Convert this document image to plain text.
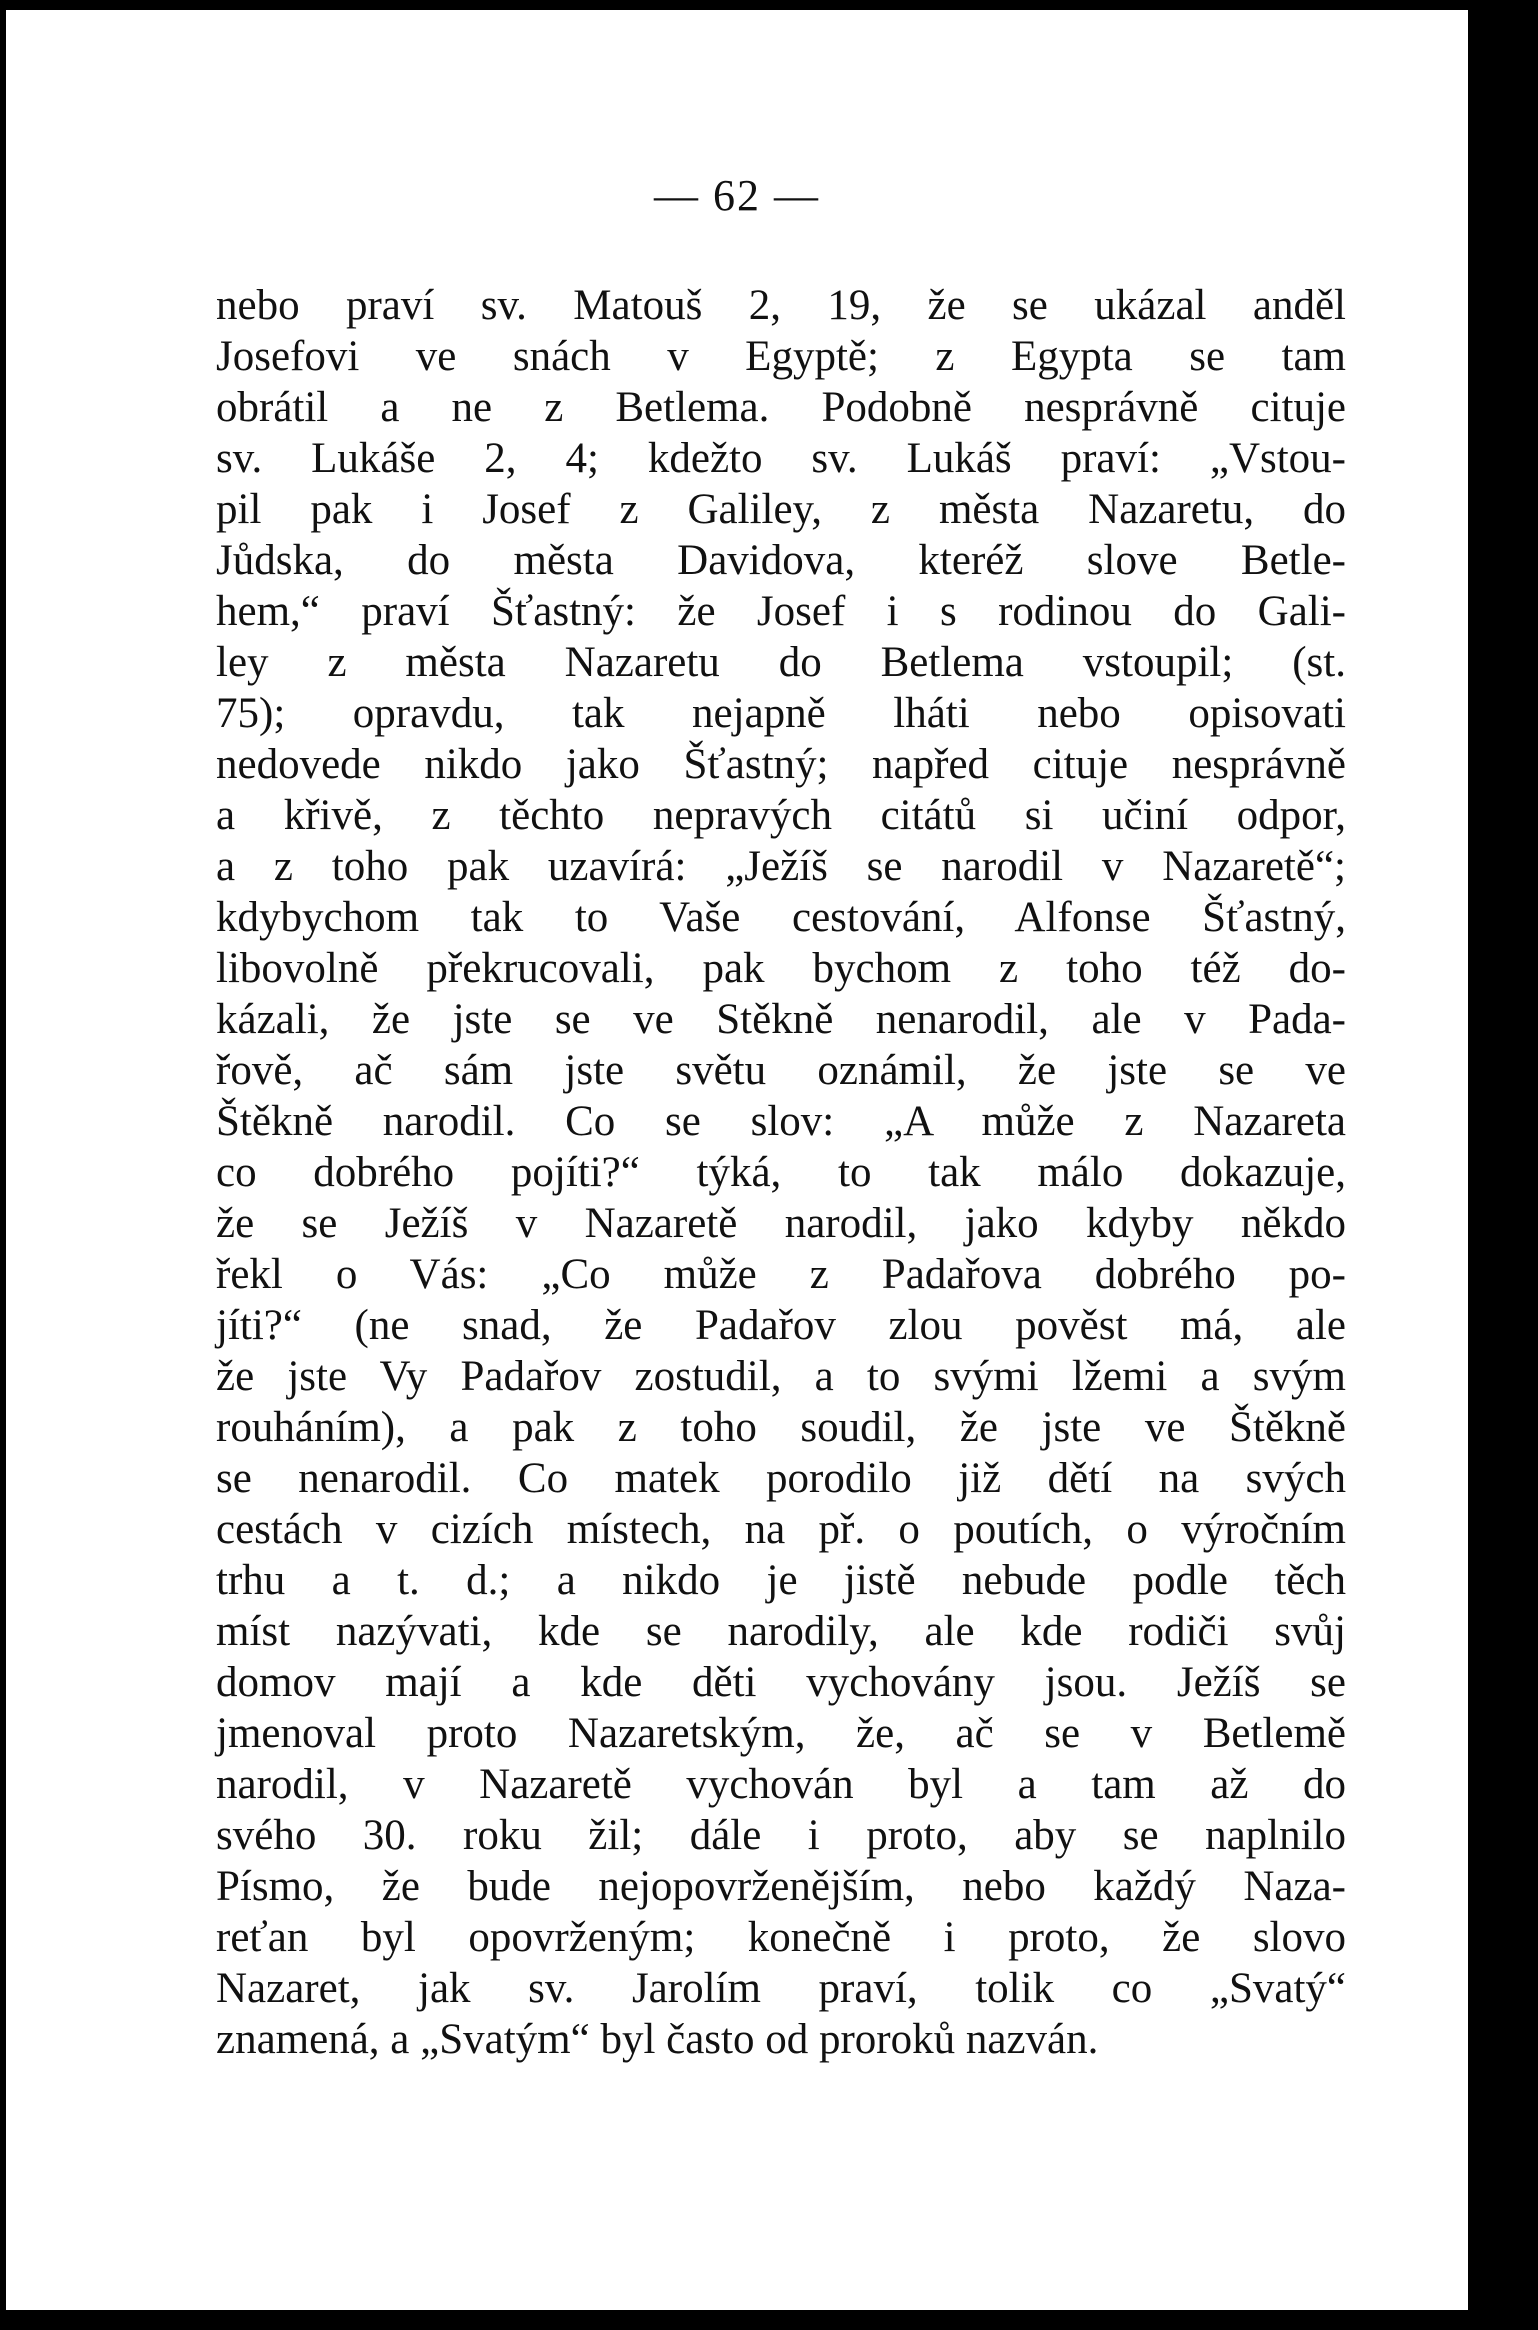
— 62 —
nebo praví sv. Matouš 2, 19, že se ukázal anděl
Josefovi ve snách v Egyptě; z Egypta se tam
obrátil a ne z Betlema. Podobně nesprávně cituje
sv. Lukáše 2, 4; kdežto sv. Lukáš praví: „Vstou-
pil pak i Josef z Galiley, z města Nazaretu, do
Jůdska, do města Davidova, kteréž slove Betle-
hem,“ praví Šťastný: že Josef i s rodinou do Gali-
ley z města Nazaretu do Betlema vstoupil; (st.
75); opravdu, tak nejapně lháti nebo opisovati
nedovede nikdo jako Šťastný; napřed cituje nesprávně
a křivě, z těchto nepravých citátů si učiní odpor,
a z toho pak uzavírá: „Ježíš se narodil v Nazaretě“;
kdybychom tak to Vaše cestování, Alfonse Šťastný,
libovolně překrucovali, pak bychom z toho též do-
kázali, že jste se ve Stěkně nenarodil, ale v Pada-
řově, ač sám jste světu oznámil, že jste se ve
Štěkně narodil. Co se slov: „A může z Nazareta
co dobrého pojíti?“ týká, to tak málo dokazuje,
že se Ježíš v Nazaretě narodil, jako kdyby někdo
řekl o Vás: „Co může z Padařova dobrého po-
jíti?“ (ne snad, že Padařov zlou pověst má, ale
že jste Vy Padařov zostudil, a to svými lžemi a svým
rouháním), a pak z toho soudil, že jste ve Štěkně
se nenarodil. Co matek porodilo již dětí na svých
cestách v cizích místech, na př. o poutích, o výročním
trhu a t. d.; a nikdo je jistě nebude podle těch
míst nazývati, kde se narodily, ale kde rodiči svůj
domov mají a kde děti vychovány jsou. Ježíš se
jmenoval proto Nazaretským, že, ač se v Betlemě
narodil, v Nazaretě vychován byl a tam až do
svého 30. roku žil; dále i proto, aby se naplnilo
Písmo, že bude nejopovrženějším, nebo každý Naza-
reťan byl opovrženým; konečně i proto, že slovo
Nazaret, jak sv. Jarolím praví, tolik co „Svatý“
znamená, a „Svatým“ byl často od proroků nazván.
